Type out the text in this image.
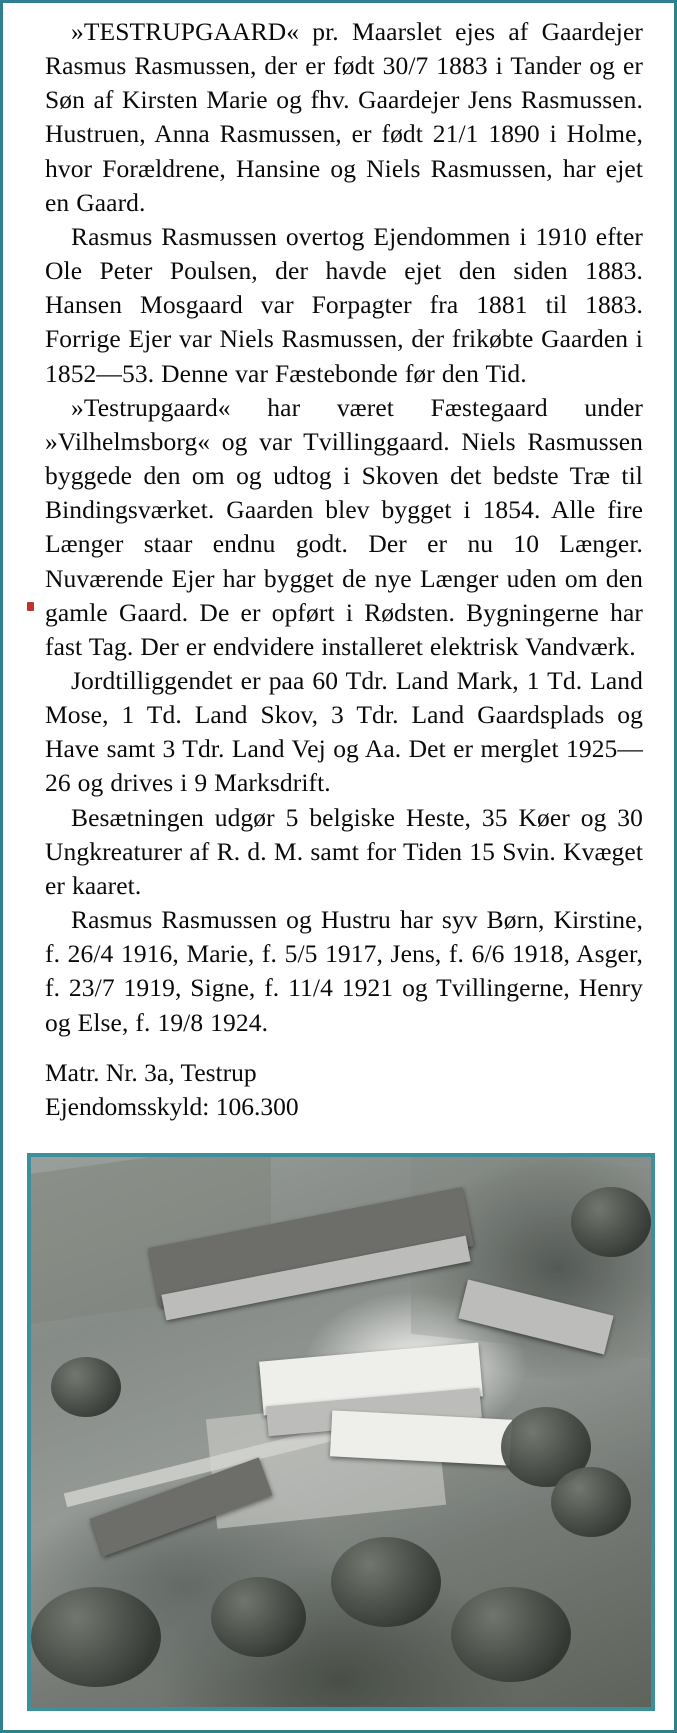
»TESTRUPGAARD« pr. Maarslet ejes af Gaardejer Rasmus Rasmussen, der er født 30/7 1883 i Tander og er Søn af Kirsten Marie og fhv. Gaardejer Jens Rasmussen. Hustruen, Anna Rasmussen, er født 21/1 1890 i Holme, hvor Forældrene, Hansine og Niels Rasmussen, har ejet en Gaard.

Rasmus Rasmussen overtog Ejendommen i 1910 efter Ole Peter Poulsen, der havde ejet den siden 1883. Hansen Mosgaard var Forpagter fra 1881 til 1883. Forrige Ejer var Niels Rasmussen, der frikøbte Gaarden i 1852—53. Denne var Fæstebonde før den Tid.

»Testrupgaard« har været Fæstegaard under »Vilhelmsborg« og var Tvillinggaard. Niels Rasmussen byggede den om og udtog i Skoven det bedste Træ til Bindingsværket. Gaarden blev bygget i 1854. Alle fire Længer staar endnu godt. Der er nu 10 Længer. Nuværende Ejer har bygget de nye Længer uden om den gamle Gaard. De er opført i Rødsten. Bygningerne har fast Tag. Der er endvidere installeret elektrisk Vandværk.

Jordtilliggendet er paa 60 Tdr. Land Mark, 1 Td. Land Mose, 1 Td. Land Skov, 3 Tdr. Land Gaardsplads og Have samt 3 Tdr. Land Vej og Aa. Det er merglet 1925—26 og drives i 9 Marksdrift.

Besætningen udgør 5 belgiske Heste, 35 Køer og 30 Ungkreaturer af R. d. M. samt for Tiden 15 Svin. Kvæget er kaaret.

Rasmus Rasmussen og Hustru har syv Børn, Kirstine, f. 26/4 1916, Marie, f. 5/5 1917, Jens, f. 6/6 1918, Asger, f. 23/7 1919, Signe, f. 11/4 1921 og Tvillingerne, Henry og Else, f. 19/8 1924.

Matr. Nr. 3a, Testrup
Ejendomsskyld: 106.300
